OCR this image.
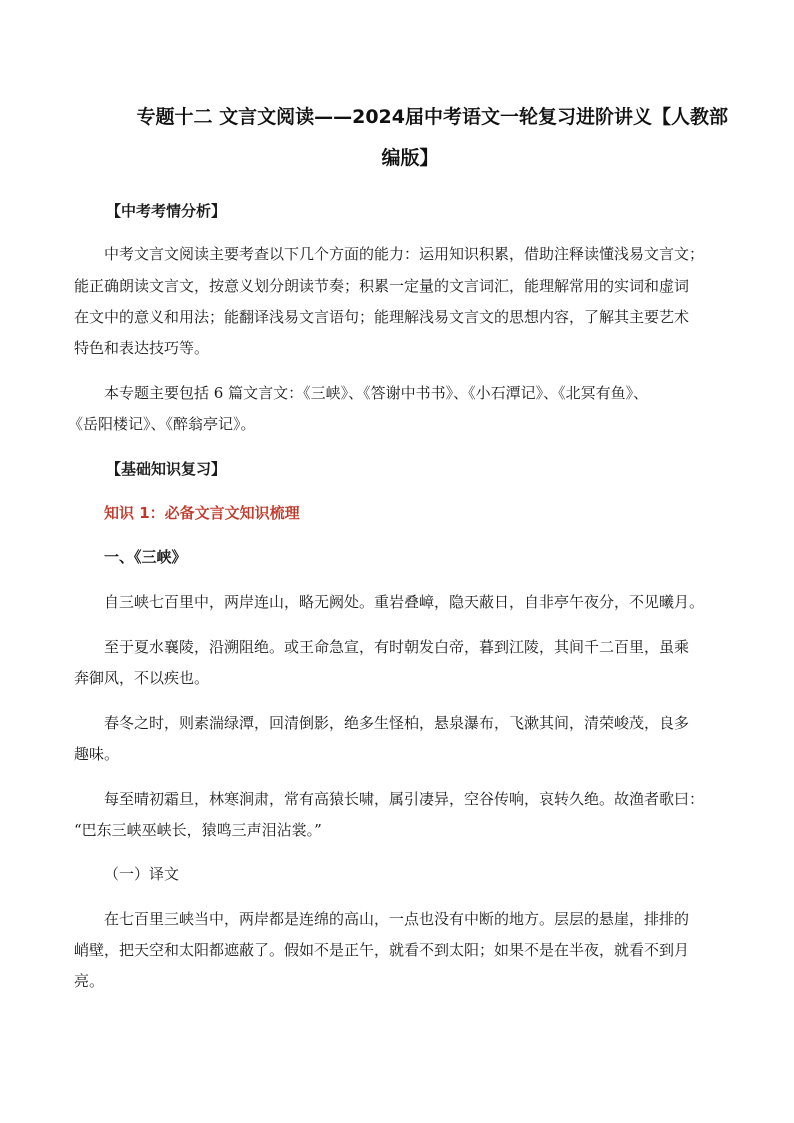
专题十二 文言文阅读——2024届中考语文一轮复习进阶讲义【人教部
编版】
【中考考情分析】
中考文言文阅读主要考查以下几个方面的能力：运用知识积累，借助注释读懂浅易文言文；
能正确朗读文言文，按意义划分朗读节奏；积累一定量的文言词汇，能理解常用的实词和虚词
在文中的意义和用法；能翻译浅易文言语句；能理解浅易文言文的思想内容，了解其主要艺术
特色和表达技巧等。
本专题主要包括 6 篇文言文：《三峡》、《答谢中书书》、《小石潭记》、《北冥有鱼》、
《岳阳楼记》、《醉翁亭记》。
【基础知识复习】
知识 1：必备文言文知识梳理
一、《三峡》
自三峡七百里中，两岸连山，略无阙处。重岩叠嶂，隐天蔽日，自非亭午夜分，不见曦月。
至于夏水襄陵，沿溯阻绝。或王命急宣，有时朝发白帝，暮到江陵，其间千二百里，虽乘
奔御风，不以疾也。
春冬之时，则素湍绿潭，回清倒影，绝多生怪柏，悬泉瀑布，飞漱其间，清荣峻茂，良多
趣味。
每至晴初霜旦，林寒涧肃，常有高猿长啸，属引凄异，空谷传响，哀转久绝。故渔者歌曰：
“巴东三峡巫峡长，猿鸣三声泪沾裳。”
（一）译文
在七百里三峡当中，两岸都是连绵的高山，一点也没有中断的地方。层层的悬崖，排排的
峭壁，把天空和太阳都遮蔽了。假如不是正午，就看不到太阳；如果不是在半夜，就看不到月
亮。
